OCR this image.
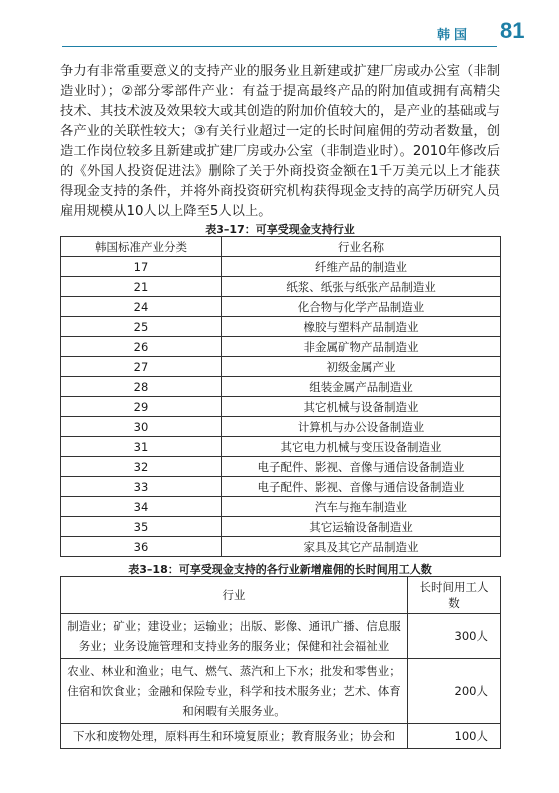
韩国 81

争力有非常重要意义的支持产业的服务业且新建或扩建厂房或办公室（非制造业时）；②部分零部件产业：有益于提高最终产品的附加值或拥有高精尖技术、其技术波及效果较大或其创造的附加价值较大的，是产业的基础或与各产业的关联性较大；③有关行业超过一定的长时间雇佣的劳动者数量，创造工作岗位较多且新建或扩建厂房或办公室（非制造业时）。2010年修改后的《外国人投资促进法》删除了关于外商投资金额在1千万美元以上才能获得现金支持的条件，并将外商投资研究机构获得现金支持的高学历研究人员雇用规模从10人以上降至5人以上。

表3–17：可享受现金支持行业

韩国标准产业分类	行业名称
17	纤维产品的制造业
21	纸浆、纸张与纸张产品制造业
24	化合物与化学产品制造业
25	橡胶与塑料产品制造业
26	非金属矿物产品制造业
27	初级金属产业
28	组装金属产品制造业
29	其它机械与设备制造业
30	计算机与办公设备制造业
31	其它电力机械与变压设备制造业
32	电子配件、影视、音像与通信设备制造业
33	电子配件、影视、音像与通信设备制造业
34	汽车与拖车制造业
35	其它运输设备制造业
36	家具及其它产品制造业

表3–18：可享受现金支持的各行业新增雇佣的长时间用工人数

行业	长时间用工人数
制造业；矿业；建设业；运输业；出版、影像、通讯广播、信息服务业；业务设施管理和支持业务的服务业；保健和社会福祉业	300人
农业、林业和渔业；电气、燃气、蒸汽和上下水；批发和零售业；住宿和饮食业；金融和保险专业，科学和技术服务业；艺术、体育和闲暇有关服务业。	200人
下水和废物处理，原料再生和环境复原业；教育服务业；协会和	100人
